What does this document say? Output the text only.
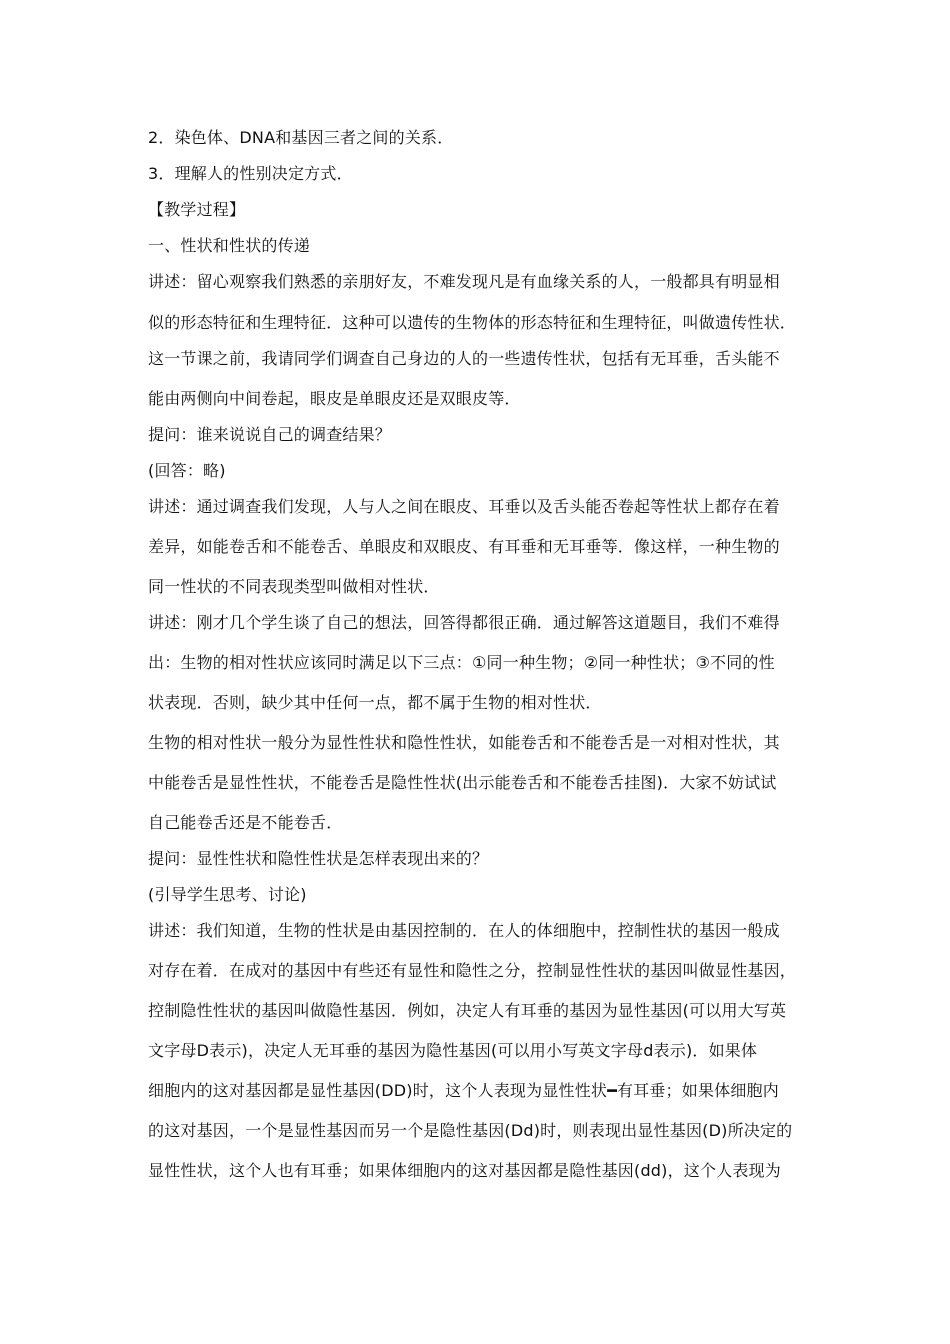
2．染色体、DNA和基因三者之间的关系．
3．理解人的性别决定方式．
【教学过程】
一、性状和性状的传递
讲述：留心观察我们熟悉的亲朋好友，不难发现凡是有血缘关系的人，一般都具有明显相
似的形态特征和生理特征．这种可以遗传的生物体的形态特征和生理特征，叫做遗传性状．
这一节课之前，我请同学们调查自己身边的人的一些遗传性状，包括有无耳垂，舌头能不
能由两侧向中间卷起，眼皮是单眼皮还是双眼皮等．
提问：谁来说说自己的调查结果？
(回答：略)
讲述：通过调查我们发现，人与人之间在眼皮、耳垂以及舌头能否卷起等性状上都存在着
差异，如能卷舌和不能卷舌、单眼皮和双眼皮、有耳垂和无耳垂等．像这样，一种生物的
同一性状的不同表现类型叫做相对性状．
讲述：刚才几个学生谈了自己的想法，回答得都很正确．通过解答这道题目，我们不难得
出：生物的相对性状应该同时满足以下三点：①同一种生物；②同一种性状；③不同的性
状表现．否则，缺少其中任何一点，都不属于生物的相对性状．
生物的相对性状一般分为显性性状和隐性性状，如能卷舌和不能卷舌是一对相对性状，其
中能卷舌是显性性状，不能卷舌是隐性性状(出示能卷舌和不能卷舌挂图)．大家不妨试试
自己能卷舌还是不能卷舌．
提问：显性性状和隐性性状是怎样表现出来的？
(引导学生思考、讨论)
讲述：我们知道，生物的性状是由基因控制的．在人的体细胞中，控制性状的基因一般成
对存在着．在成对的基因中有些还有显性和隐性之分，控制显性性状的基因叫做显性基因，
控制隐性性状的基因叫做隐性基因．例如，决定人有耳垂的基因为显性基因(可以用大写英
文字母D表示)，决定人无耳垂的基因为隐性基因(可以用小写英文字母d表示)．如果体
细胞内的这对基因都是显性基因(DD)时，这个人表现为显性性状━有耳垂；如果体细胞内
的这对基因，一个是显性基因而另一个是隐性基因(Dd)时，则表现出显性基因(D)所决定的
显性性状，这个人也有耳垂；如果体细胞内的这对基因都是隐性基因(dd)，这个人表现为
